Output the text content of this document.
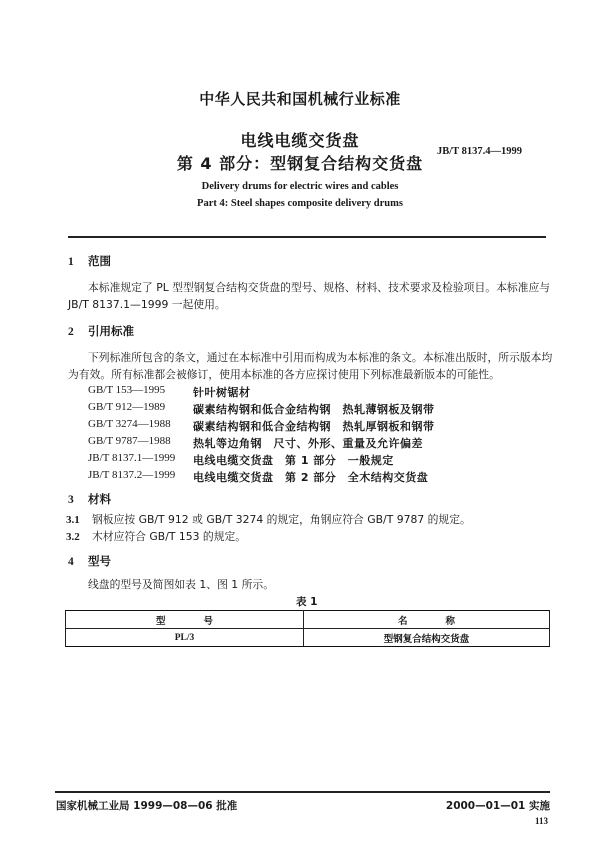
中华人民共和国机械行业标准
电线电缆交货盘
第 4 部分：型钢复合结构交货盘
JB/T 8137.4—1999
Delivery drums for electric wires and cables
Part 4: Steel shapes composite delivery drums
1 范围
本标准规定了 PL 型型钢复合结构交货盘的型号、规格、材料、技术要求及检验项目。本标准应与
JB/T 8137.1—1999 一起使用。
2 引用标准
下列标准所包含的条文，通过在本标准中引用而构成为本标准的条文。本标准出版时，所示版本均
为有效。所有标准都会被修订，使用本标准的各方应探讨使用下列标准最新版本的可能性。
GB/T 153—1995	针叶树锯材
GB/T 912—1989	碳素结构钢和低合金结构钢　热轧薄钢板及钢带
GB/T 3274—1988 碳素结构钢和低合金结构钢　热轧厚钢板和钢带
GB/T 9787—1988 热轧等边角钢　尺寸、外形、重量及允许偏差
JB/T 8137.1—1999 电线电缆交货盘　第 1 部分　一般规定
JB/T 8137.2—1999 电线电缆交货盘　第 2 部分　全木结构交货盘
3 材料
3.1 钢板应按 GB/T 912 或 GB/T 3274 的规定，角钢应符合 GB/T 9787 的规定。
3.2 木材应符合 GB/T 153 的规定。
4 型号
线盘的型号及简图如表 1、图 1 所示。
表 1
型　　　　号	名　　　　称
PL/3	型钢复合结构交货盘
国家机械工业局 1999—08—06 批准	2000—01—01 实施
113
